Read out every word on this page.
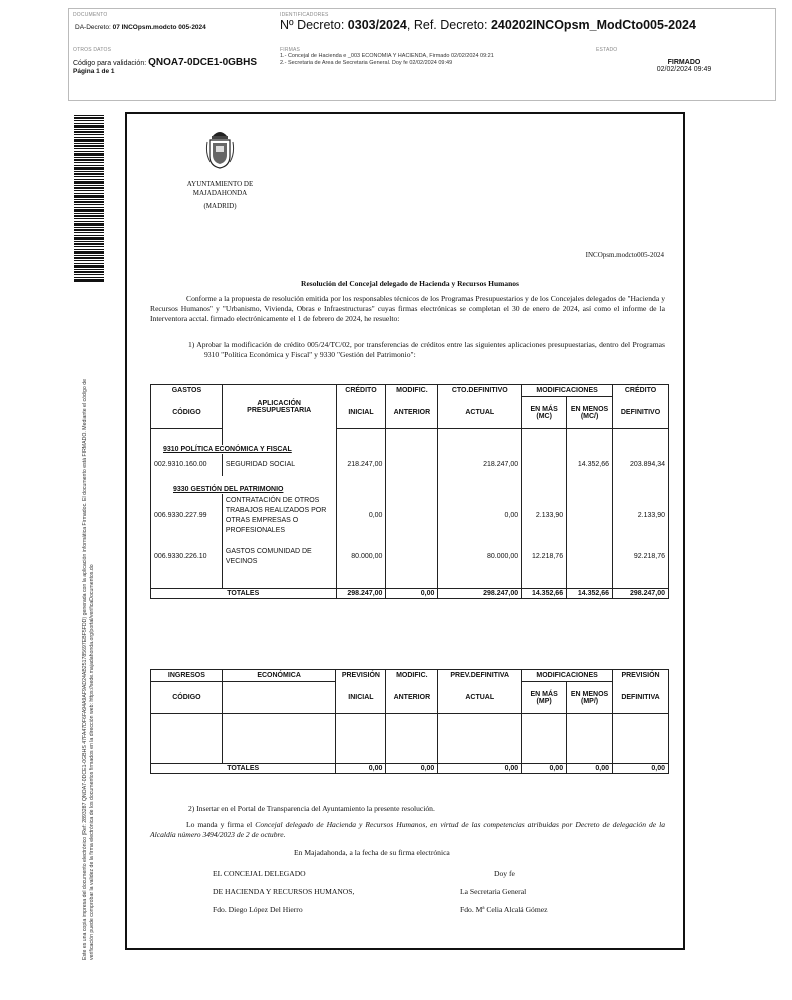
DOCUMENTO
DA-Decreto: 07 INCOpsm.modcto 005-2024
IDENTIFICADORES
Nº Decreto: 0303/2024, Ref. Decreto: 240202INCOpsm_ModCto005-2024
OTROS DATOS
Código para validación: QNOA7-0DCE1-0GBHS
Página 1 de 1
FIRMAS
1.- Concejal de Hacienda e _003 ECONOMIA Y HACIENDA, Firmado 02/02/2024 09:21
2.- Secretaria de Area de Secretaria General. Doy fe 02/02/2024 09:49
ESTADO
FIRMADO
02/02/2024 09:49
Este es una copia impresa del documento electrónico (Ref: 2893287 QNOA7-0DCE1-0GBHS 47FA47DF6FA94A9AF9AD24AB251785697EBF5FDD) generada con la aplicación informática Firmadoc. El documento está FIRMADO. Mediante el código de verificación puede comprobar la validez de la firma electrónica de los documentos firmados en la dirección web: https://sede.majadahonda.org/portal/verificaDocumentos.do
AYUNTAMIENTO DE
MAJADAHONDA
(MADRID)
INCOpsm.modcto005-2024
Resolución del Concejal delegado de Hacienda y Recursos Humanos
Conforme a la propuesta de resolución emitida por los responsables técnicos de los Programas Presupuestarios y de los Concejales delegados de "Hacienda y Recursos Humanos" y "Urbanismo, Vivienda, Obras e Infraestructuras" cuyas firmas electrónicas se completan el 30 de enero de 2024, así como el informe de la Interventora acctal. firmado electrónicamente el 1 de febrero de 2024, he resuelto:
1) Aprobar la modificación de crédito 005/24/TC/02, por transferencias de créditos entre las siguientes aplicaciones presupuestarias, dentro del Programas 9310 "Política Económica y Fiscal" y 9330 "Gestión del Patrimonio":
GASTOS	APLICACIÓN PRESUPUESTARIA	CRÉDITO	MODIFIC.	CTO.DEFINITIVO	MODIFICACIONES		CRÉDITO
CÓDIGO		INICIAL	ANTERIOR	ACTUAL	EN MÁS (MC)	EN MENOS (MC/)	DEFINITIVO

9310 POLÍTICA ECONÓMICA Y FISCAL							
002.9310.160.00	SEGURIDAD SOCIAL	218.247,00		218.247,00		14.352,66	203.894,34
9330 GESTIÓN DEL PATRIMONIO							
006.9330.227.99	CONTRATACIÓN DE OTROS TRABAJOS REALIZADOS POR OTRAS EMPRESAS O PROFESIONALES	0,00		0,00	2.133,90		2.133,90
006.9330.226.10	GASTOS COMUNIDAD DE VECINOS	80.000,00		80.000,00	12.218,76		92.218,76

TOTALES		298.247,00	0,00	298.247,00	14.352,66	14.352,66	298.247,00
INGRESOS	ECONÓMICA	PREVISIÓN	MODIFIC.	PREV.DEFINITIVA	MODIFICACIONES		PREVISIÓN
CÓDIGO		INICIAL	ANTERIOR	ACTUAL	EN MÁS (MP)	EN MENOS (MP/)	DEFINITIVA

TOTALES		0,00	0,00	0,00	0,00	0,00	0,00
2) Insertar en el Portal de Transparencia del Ayuntamiento la presente resolución.
Lo manda y firma el Concejal delegado de Hacienda y Recursos Humanos, en virtud de las competencias atribuidas por Decreto de delegación de la Alcaldía número 3494/2023 de 2 de octubre.
En Majadahonda, a la fecha de su firma electrónica
EL CONCEJAL DELEGADO
DE HACIENDA Y RECURSOS HUMANOS,
Fdo. Diego López Del Hierro
Doy fe
La Secretaria General
Fdo. Mª Celia Alcalá Gómez
